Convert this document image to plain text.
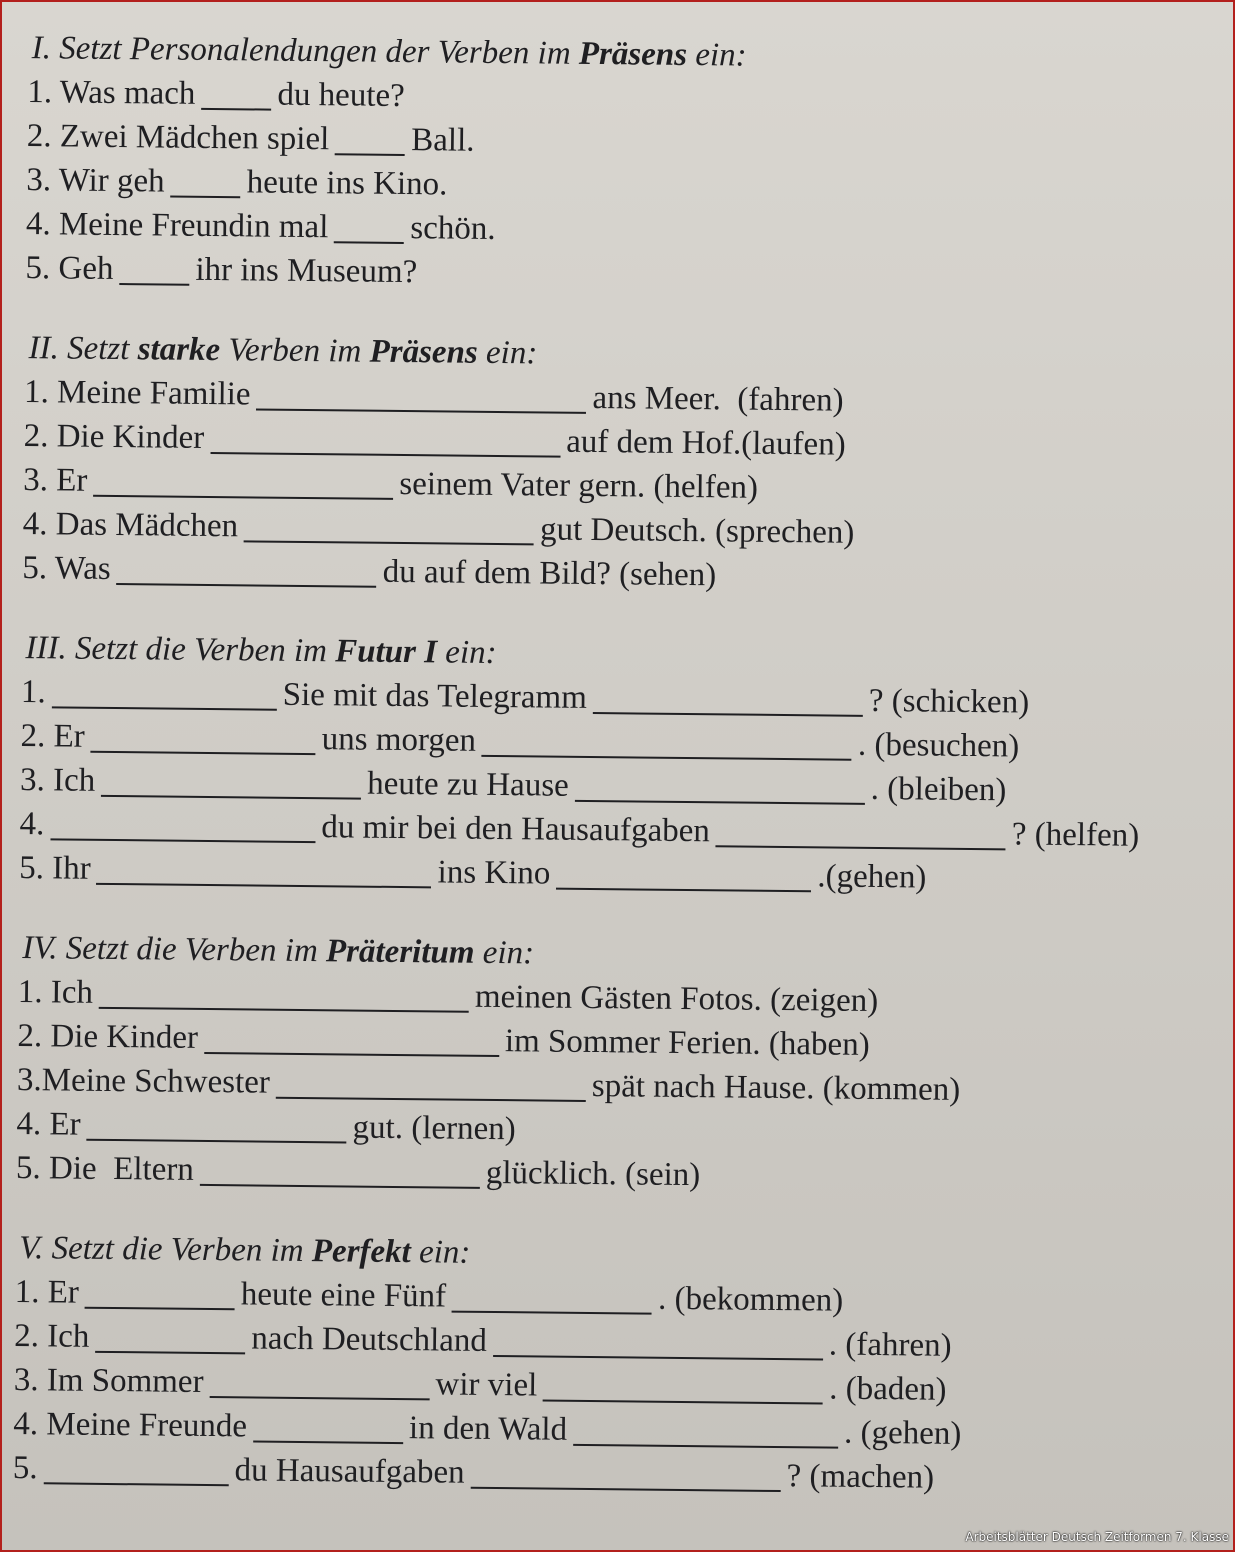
I. Setzt Personalendungen der Verben im Präsens ein:
1. Was mach du heute?
2. Zwei Mädchen spiel Ball.
3. Wir geh heute ins Kino.
4. Meine Freundin mal schön.
5. Geh ihr ins Museum?
II. Setzt starke Verben im Präsens ein:
1. Meine Familie	ans Meer.  (fahren)
2. Die Kinder	auf dem Hof.(laufen)
3. Er	seinem Vater gern. (helfen)
4. Das Mädchen	gut Deutsch. (sprechen)
5. Was	du auf dem Bild? (sehen)
III. Setzt die Verben im Futur I ein:
1.	Sie mit das Telegramm	? (schicken)
2. Er	uns morgen	. (besuchen)
3. Ich	heute zu Hause	. (bleiben)
4.	du mir bei den Hausaufgaben	? (helfen)
5. Ihr	ins Kino	.(gehen)
IV. Setzt die Verben im Präteritum ein:
1. Ich	meinen Gästen Fotos. (zeigen)
2. Die Kinder	im Sommer Ferien. (haben)
3.Meine Schwester	spät nach Hause. (kommen)
4. Er	gut. (lernen)
5. Die  Eltern	glücklich. (sein)
V. Setzt die Verben im Perfekt ein:
1. Er	heute eine Fünf	. (bekommen)
2. Ich	nach Deutschland	. (fahren)
3. Im Sommer	wir viel	. (baden)
4. Meine Freunde	in den Wald	. (gehen)
5.	du Hausaufgaben	? (machen)
Arbeitsblätter Deutsch Zeitformen 7. Klasse
